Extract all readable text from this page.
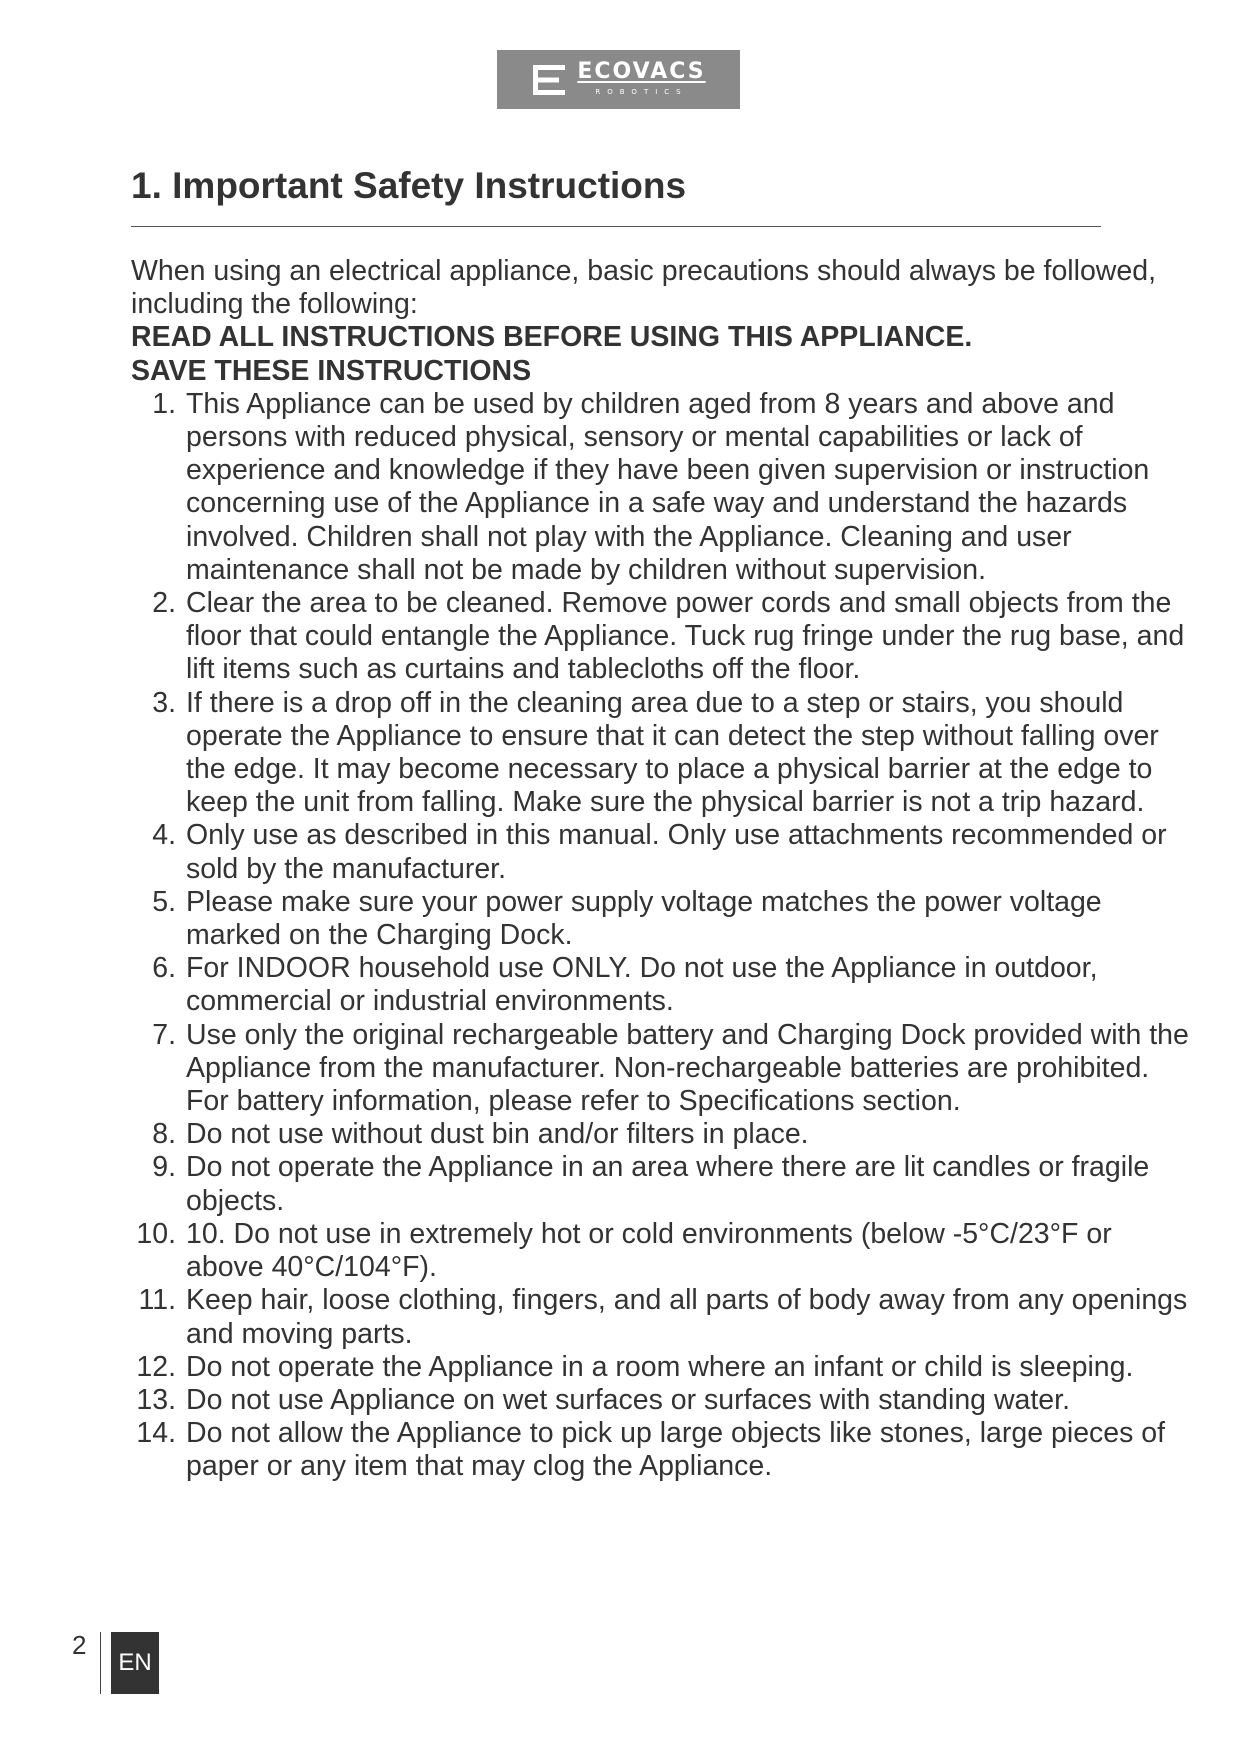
ECOVACS
ROBOTICS
1. Important Safety Instructions

When using an electrical appliance, basic precautions should always be followed, including the following:

READ ALL INSTRUCTIONS BEFORE USING THIS APPLIANCE.

SAVE THESE INSTRUCTIONS

1. This Appliance can be used by children aged from 8 years and above and persons with reduced physical, sensory or mental capabilities or lack of experience and knowledge if they have been given supervision or instruction concerning use of the Appliance in a safe way and understand the hazards involved. Children shall not play with the Appliance. Cleaning and user maintenance shall not be made by children without supervision.
2. Clear the area to be cleaned. Remove power cords and small objects from the floor that could entangle the Appliance. Tuck rug fringe under the rug base, and lift items such as curtains and tablecloths off the floor.
3. If there is a drop off in the cleaning area due to a step or stairs, you should operate the Appliance to ensure that it can detect the step without falling over the edge. It may become necessary to place a physical barrier at the edge to keep the unit from falling. Make sure the physical barrier is not a trip hazard.
4. Only use as described in this manual. Only use attachments recommended or sold by the manufacturer.
5. Please make sure your power supply voltage matches the power voltage marked on the Charging Dock.
6. For INDOOR household use ONLY. Do not use the Appliance in outdoor, commercial or industrial environments.
7. Use only the original rechargeable battery and Charging Dock provided with the Appliance from the manufacturer. Non-rechargeable batteries are prohibited. For battery information, please refer to Specifications section.
8. Do not use without dust bin and/or filters in place.
9. Do not operate the Appliance in an area where there are lit candles or fragile objects.
10. 10. Do not use in extremely hot or cold environments (below -5°C/23°F or above 40°C/104°F).
11. Keep hair, loose clothing, fingers, and all parts of body away from any openings and moving parts.
12. Do not operate the Appliance in a room where an infant or child is sleeping.
13. Do not use Appliance on wet surfaces or surfaces with standing water.
14. Do not allow the Appliance to pick up large objects like stones, large pieces of paper or any item that may clog the Appliance.
2
EN
